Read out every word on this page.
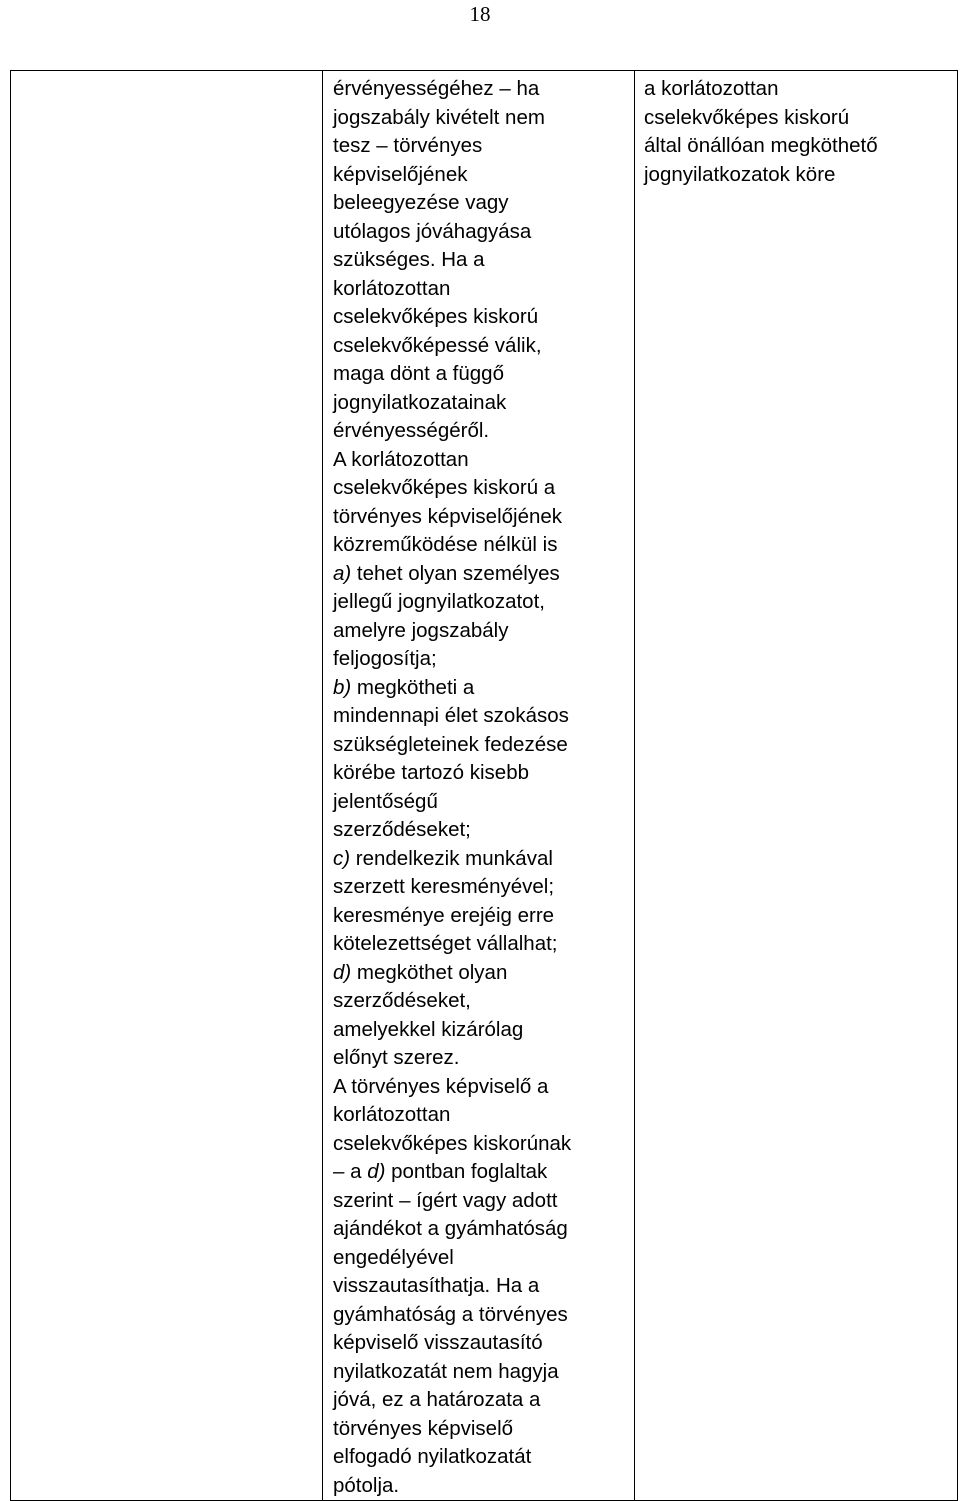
18

érvényességéhez – ha
jogszabály kivételt nem
tesz – törvényes
képviselőjének
beleegyezése vagy
utólagos jóváhagyása
szükséges. Ha a
korlátozottan
cselekvőképes kiskorú
cselekvőképessé válik,
maga dönt a függő
jognyilatkozatainak
érvényességéről.
A korlátozottan
cselekvőképes kiskorú a
törvényes képviselőjének
közreműködése nélkül is
a) tehet olyan személyes
jellegű jognyilatkozatot,
amelyre jogszabály
feljogosítja;
b) megkötheti a
mindennapi élet szokásos
szükségleteinek fedezése
körébe tartozó kisebb
jelentőségű
szerződéseket;
c) rendelkezik munkával
szerzett keresményével;
keresménye erejéig erre
kötelezettséget vállalhat;
d) megköthet olyan
szerződéseket,
amelyekkel kizárólag
előnyt szerez.
A törvényes képviselő a
korlátozottan
cselekvőképes kiskorúnak
– a d) pontban foglaltak
szerint – ígért vagy adott
ajándékot a gyámhatóság
engedélyével
visszautasíthatja. Ha a
gyámhatóság a törvényes
képviselő visszautasító
nyilatkozatát nem hagyja
jóvá, ez a határozata a
törvényes képviselő
elfogadó nyilatkozatát
pótolja.

a korlátozottan
cselekvőképes kiskorú
által önállóan megköthető
jognyilatkozatok köre
